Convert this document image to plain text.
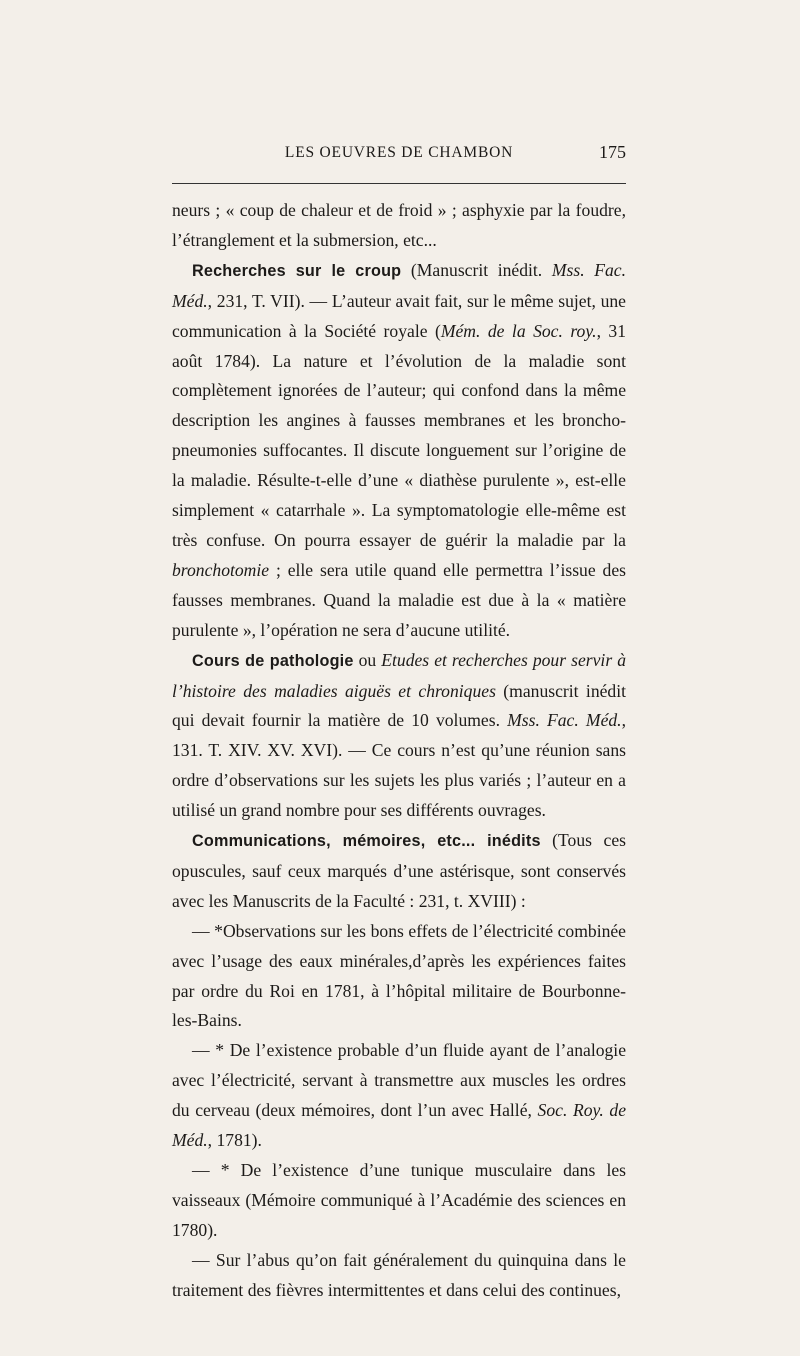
LES OEUVRES DE CHAMBON	175

neurs ; « coup de chaleur et de froid » ; asphyxie par la foudre, l’étranglement et la submersion, etc...

Recherches sur le croup (Manuscrit inédit. Mss. Fac. Méd., 231, T. VII). — L’auteur avait fait, sur le même sujet, une communication à la Société royale (Mém. de la Soc. roy., 31 août 1784). La nature et l’évolution de la maladie sont complètement ignorées de l’auteur; qui confond dans la même description les angines à fausses membranes et les broncho-pneumonies suffocantes. Il discute longuement sur l’origine de la maladie. Résulte-t-elle d’une « diathèse purulente », est-elle simplement « catarrhale ». La symptomatologie elle-même est très confuse. On pourra essayer de guérir la maladie par la bronchotomie ; elle sera utile quand elle permettra l’issue des fausses membranes. Quand la maladie est due à la « matière purulente », l’opération ne sera d’aucune utilité.

Cours de pathologie ou Etudes et recherches pour servir à l’histoire des maladies aiguës et chroniques (manuscrit inédit qui devait fournir la matière de 10 volumes. Mss. Fac. Méd., 131. T. XIV. XV. XVI). — Ce cours n’est qu’une réunion sans ordre d’observations sur les sujets les plus variés ; l’auteur en a utilisé un grand nombre pour ses différents ouvrages.

Communications, mémoires, etc... inédits (Tous ces opuscules, sauf ceux marqués d’une astérisque, sont conservés avec les Manuscrits de la Faculté : 231, t. XVIII) :

— *Observations sur les bons effets de l’électricité combinée avec l’usage des eaux minérales,d’après les expériences faites par ordre du Roi en 1781, à l’hôpital militaire de Bourbonne-les-Bains.

— * De l’existence probable d’un fluide ayant de l’analogie avec l’électricité, servant à transmettre aux muscles les ordres du cerveau (deux mémoires, dont l’un avec Hallé, Soc. Roy. de Méd., 1781).

— * De l’existence d’une tunique musculaire dans les vaisseaux (Mémoire communiqué à l’Académie des sciences en 1780).

— Sur l’abus qu’on fait généralement du quinquina dans le traitement des fièvres intermittentes et dans celui des continues,
